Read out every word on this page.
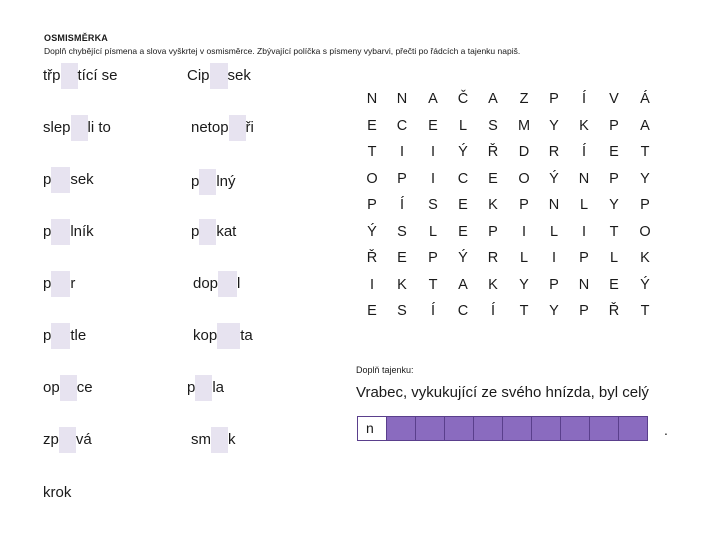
OSMISMĚRKA
Doplň chybějící písmena a slova vyškrtej v osmisměrce. Zbývající políčka s písmeny vybarvi, přečti po řádcích a tajenku napiš.
třp tící se
slep li to
p sek
p lník
p r
p tle
op ce
zp vá
krok
Cip sek
netop ři
p lný
p kat
dop l
kop ta
p la
sm k
N	N	A	Č	A	Z	P	Í	V	Á
E	C	E	L	S	M	Y	K	P	A
T	I	I	Ý	Ř	D	R	Í	E	T
O	P	I	C	E	O	Ý	N	P	Y
P	Í	S	E	K	P	N	L	Y	P
Ý	S	L	E	P	I	L	I	T	O
Ř	E	P	Ý	R	L	I	P	L	K
I	K	T	A	K	Y	P	N	E	Ý
E	S	Í	C	Í	T	Y	P	Ř	T
Doplň tajenku:
Vrabec, vykukující ze svého hnízda, byl celý
n	.
